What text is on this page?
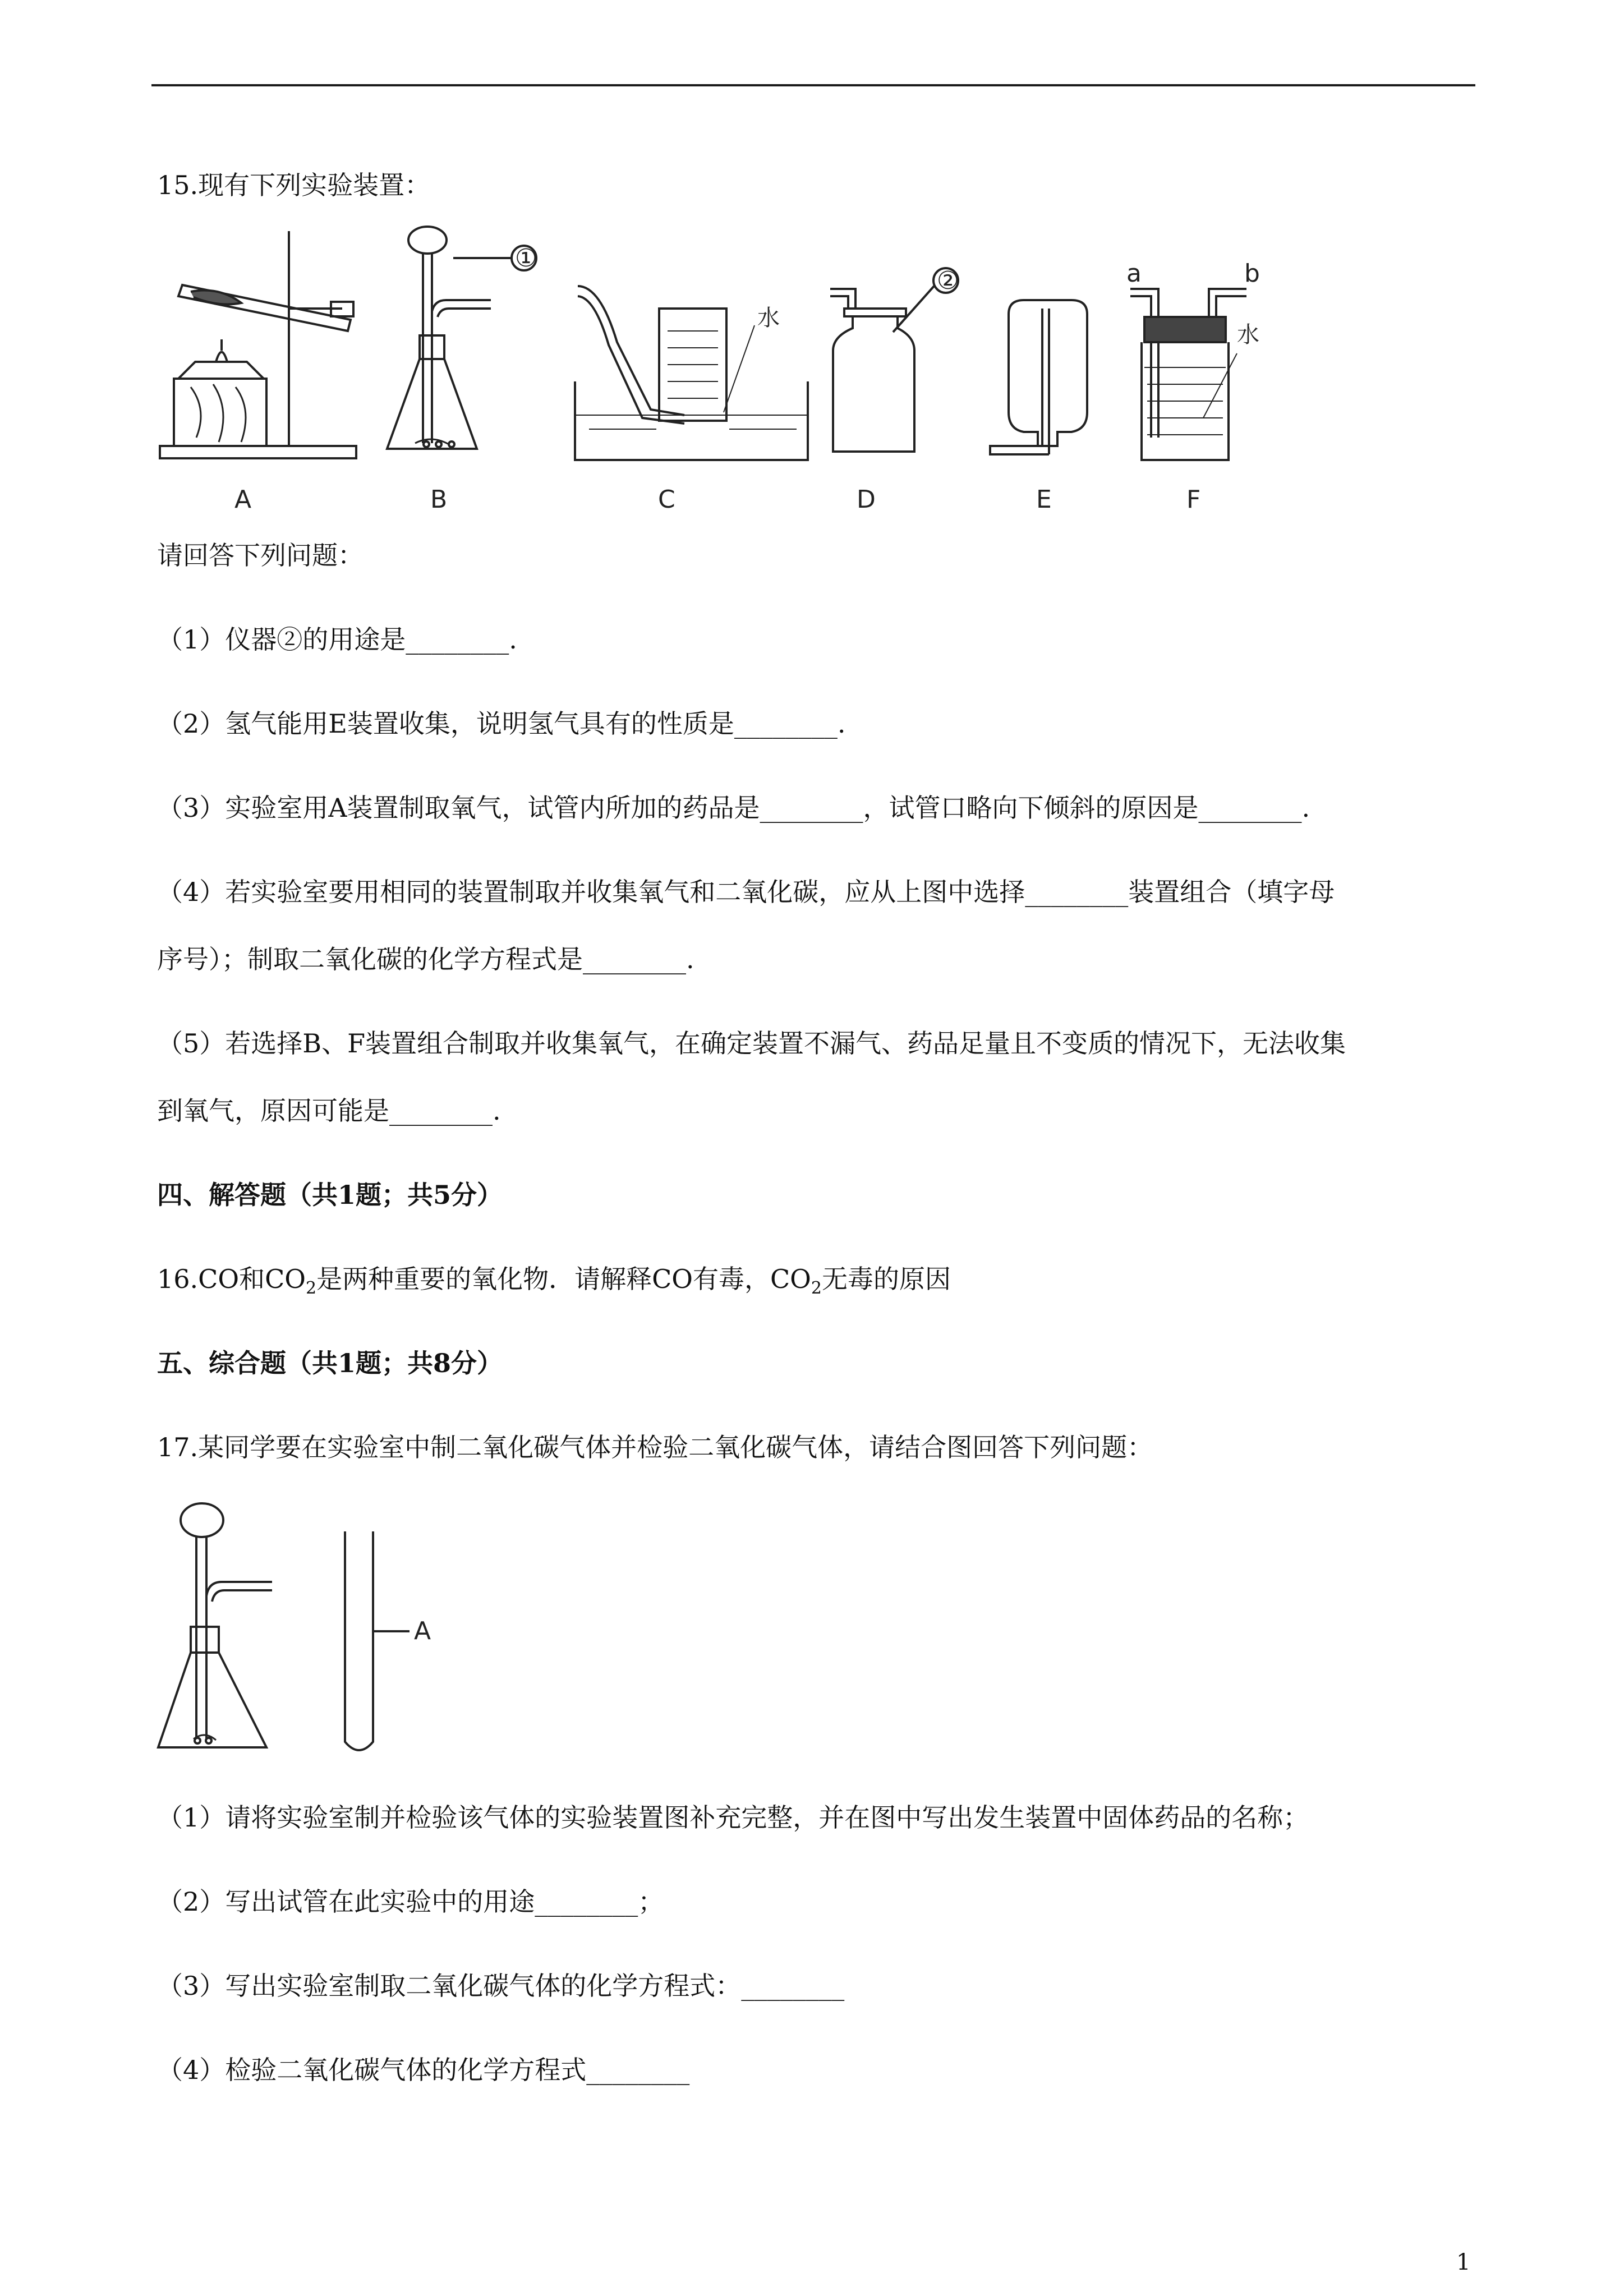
15.现有下列实验装置：
①
水
②	a	b
水
A	B	C	D	E	F
请回答下列问题：
（1）仪器②的用途是________.
（2）氢气能用E装置收集，说明氢气具有的性质是________.
（3）实验室用A装置制取氧气，试管内所加的药品是________，试管口略向下倾斜的原因是________.
（4）若实验室要用相同的装置制取并收集氧气和二氧化碳，应从上图中选择________装置组合（填字母
序号）；制取二氧化碳的化学方程式是________.
（5）若选择B、F装置组合制取并收集氧气，在确定装置不漏气、药品足量且不变质的情况下，无法收集
到氧气，原因可能是________.
四、解答题（共1题；共5分）
16.CO和$CO_2$是两种重要的氧化物．请解释CO有毒，$CO_2$无毒的原因
五、综合题（共1题；共8分）
17.某同学要在实验室中制二氧化碳气体并检验二氧化碳气体，请结合图回答下列问题：
A
（1）请将实验室制并检验该气体的实验装置图补充完整，并在图中写出发生装置中固体药品的名称；
（2）写出试管在此实验中的用途________；
（3）写出实验室制取二氧化碳气体的化学方程式：________
（4）检验二氧化碳气体的化学方程式________
1
